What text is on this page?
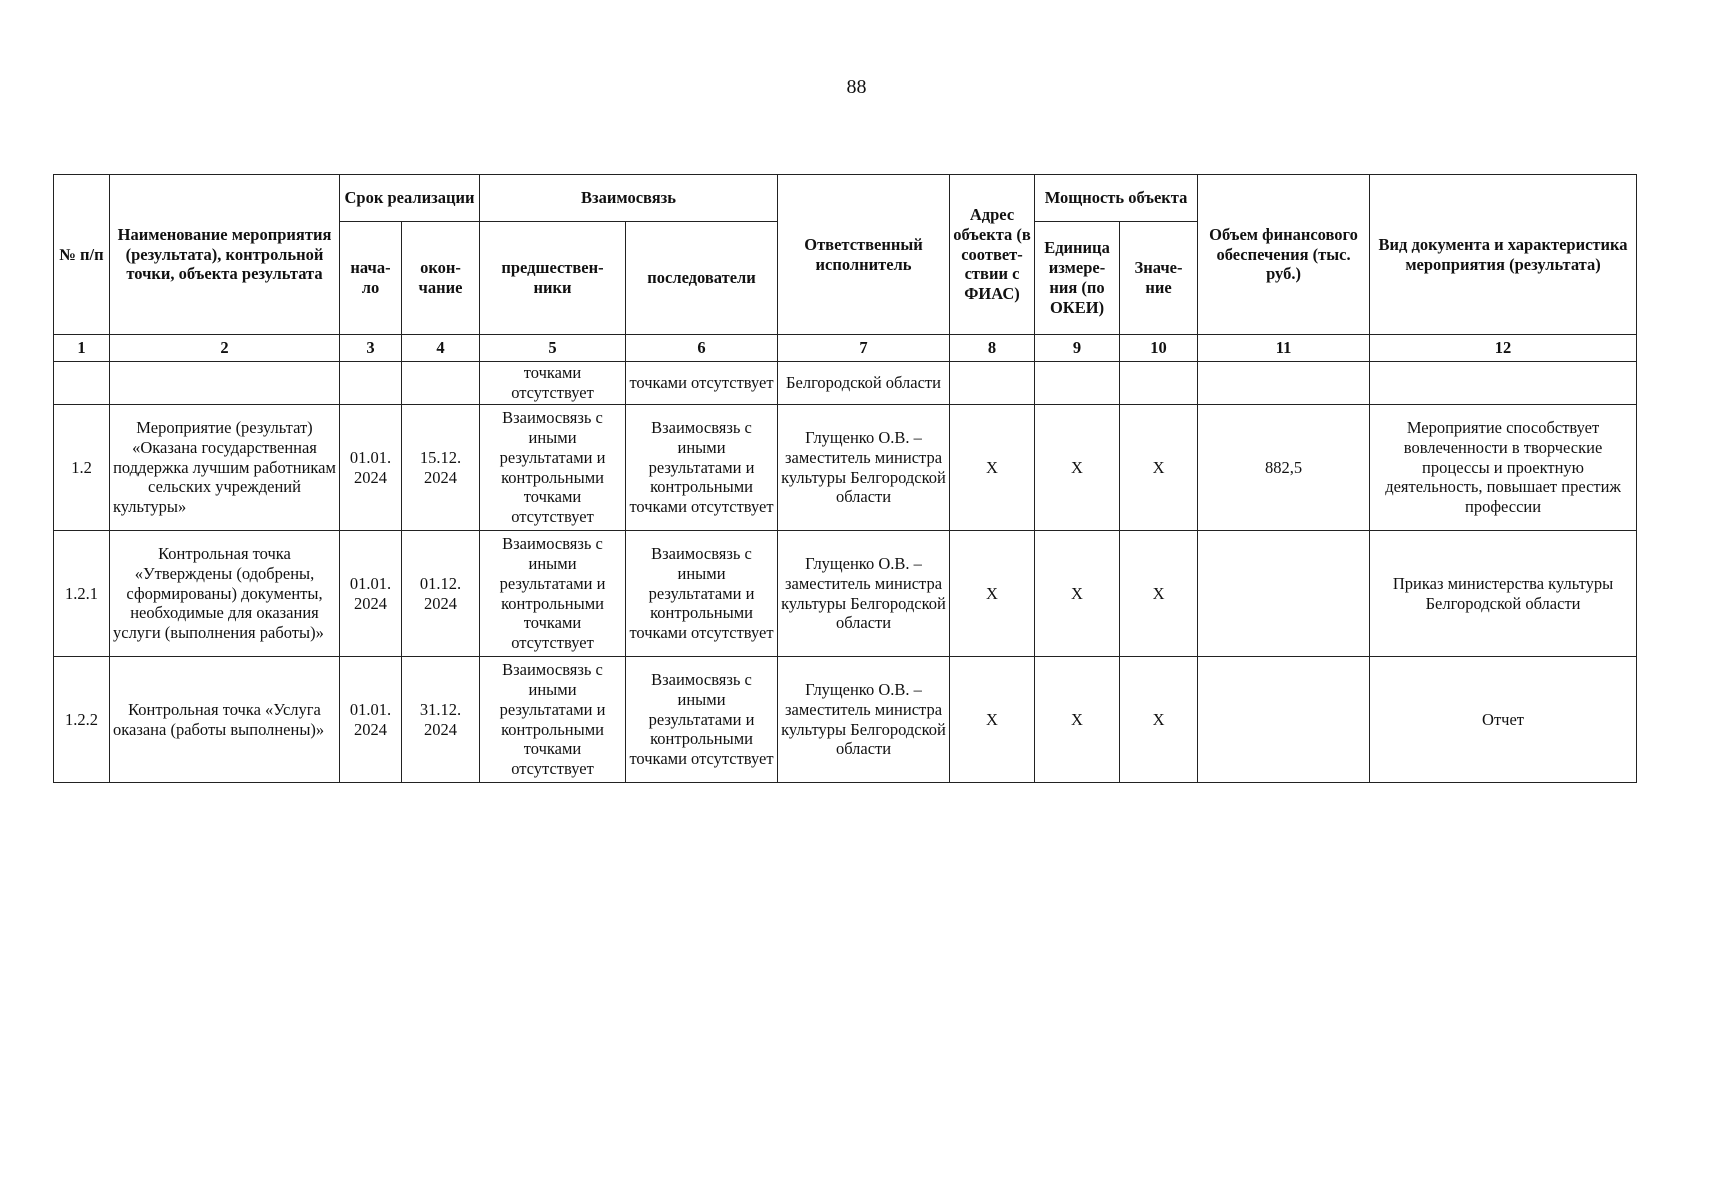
88
№ п/п	Наименование мероприятия (результата), контрольной точки, объекта результата	Срок реализации		Взаимосвязь		Ответственный исполнитель	Адрес объекта (в соответ-ствии с ФИАС)	Мощность объекта		Объем финансового обеспечения (тыс. руб.)	Вид документа и характеристика мероприятия (результата)
		нача-ло	окон-чание	предшествен-ники	последователи			Единица измере-ния (по ОКЕИ)	Значе-ние		
1	2	3	4	5	6	7	8	9	10	11	12
				точками отсутствует	точками отсутствует	Белгородской области					
1.2	Мероприятие (результат) «Оказана государственная поддержка лучшим работникам сельских учреждений культуры»	01.01. 2024	15.12. 2024	Взаимосвязь с иными результатами и контрольными точками отсутствует	Взаимосвязь с иными результатами и контрольными точками отсутствует	Глущенко О.В. – заместитель министра культуры Белгородской области	X	X	X	882,5	Мероприятие способствует вовлеченности в творческие процессы и проектную деятельность, повышает престиж профессии
1.2.1	Контрольная точка «Утверждены (одобрены, сформированы) документы, необходимые для оказания услуги (выполнения работы)»	01.01. 2024	01.12. 2024	Взаимосвязь с иными результатами и контрольными точками отсутствует	Взаимосвязь с иными результатами и контрольными точками отсутствует	Глущенко О.В. – заместитель министра культуры Белгородской области	X	X	X		Приказ министерства культуры Белгородской области
1.2.2	Контрольная точка «Услуга оказана (работы выполнены)»	01.01. 2024	31.12. 2024	Взаимосвязь с иными результатами и контрольными точками отсутствует	Взаимосвязь с иными результатами и контрольными точками отсутствует	Глущенко О.В. – заместитель министра культуры Белгородской области	X	X	X		Отчет
